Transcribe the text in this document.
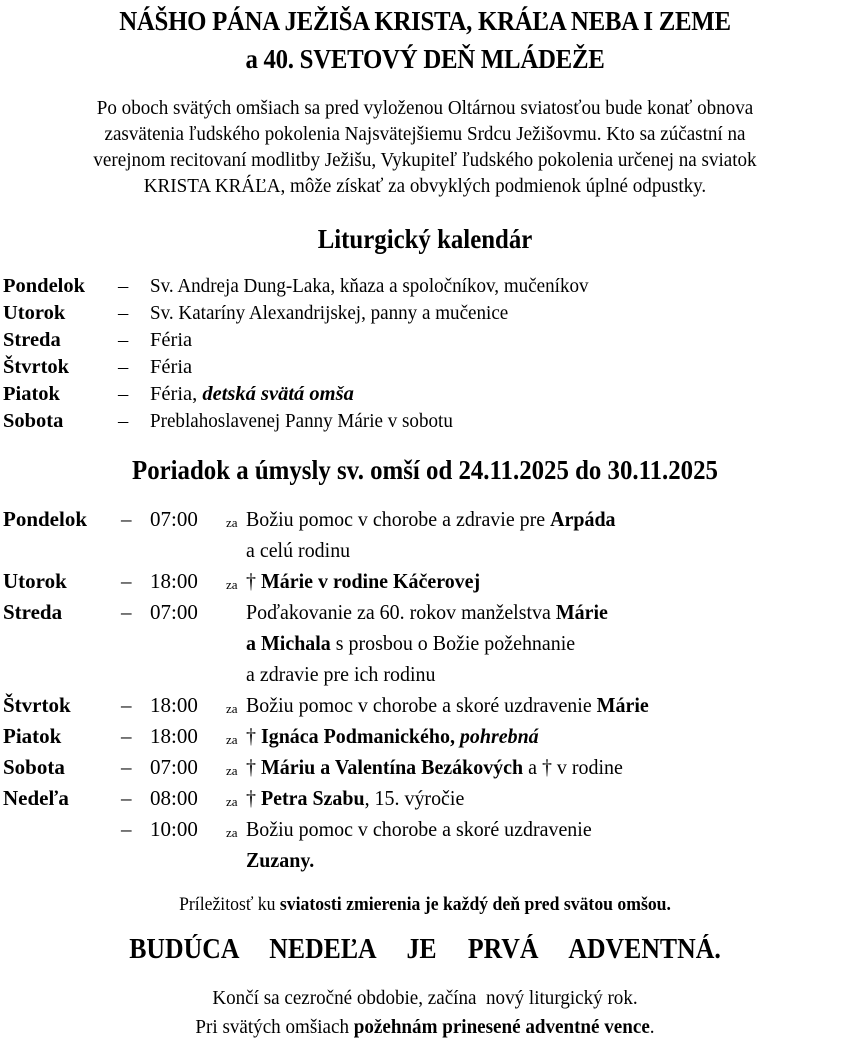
NÁŠHO PÁNA JEŽIŠA KRISTA, KRÁĽA NEBA I ZEME
a 40. SVETOVÝ DEŇ MLÁDEŽE
Po oboch svätých omšiach sa pred vyloženou Oltárnou sviatosťou bude konať obnova
zasvätenia ľudského pokolenia Najsvätejšiemu Srdcu Ježišovmu. Kto sa zúčastní na
verejnom recitovaní modlitby Ježišu, Vykupiteľ ľudského pokolenia určenej na sviatok
KRISTA KRÁĽA, môže získať za obvyklých podmienok úplné odpustky.
Liturgický kalendár
Pondelok – Sv. Andreja Dung-Laka, kňaza a spoločníkov, mučeníkov
Utorok	– Sv. Kataríny Alexandrijskej, panny a mučenice
Streda	– Féria
Štvrtok – Féria
Piatok	– Féria, detská svätá omša
Sobota	– Preblahoslavenej Panny Márie v sobotu
Poriadok a úmysly sv. omší od 24.11.2025 do 30.11.2025
Pondelok – 07:00 za Božiu pomoc v chorobe a zdravie pre Arpáda
a celú rodinu
Utorok	– 18:00 za † Márie v rodine Káčerovej
Streda	– 07:00 Poďakovanie za 60. rokov manželstva Márie
a Michala s prosbou o Božie požehnanie
a zdravie pre ich rodinu
Štvrtok – 18:00 za Božiu pomoc v chorobe a skoré uzdravenie Márie
Piatok	– 18:00 za † Ignáca Podmanického, pohrebná
Sobota	– 07:00 za † Máriu a Valentína Bezákových a † v rodine
Nedeľa – 08:00 za † Petra Szabu, 15. výročie
– 10:00 za Božiu pomoc v chorobe a skoré uzdravenie
Zuzany.
Príležitosť ku sviatosti zmierenia je každý deň pred svätou omšou.
BUDÚCA  NEDEĽA  JE  PRVÁ  ADVENTNÁ.
Končí sa cezročné obdobie, začína  nový liturgický rok.
Pri svätých omšiach požehnám prinesené adventné vence.
